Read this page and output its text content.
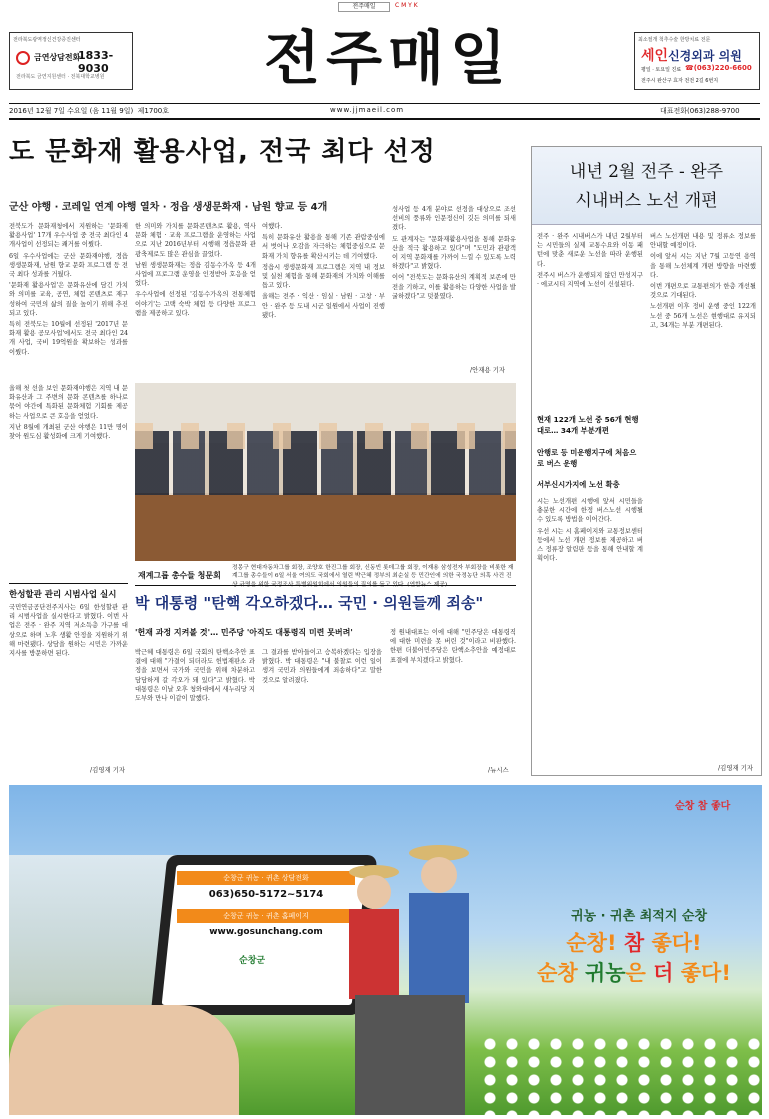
전주매일	C M Y K
전라북도광역정신건강증진센터
금연상담전화
1833-9030
전라북도 금연지원센터 · 전북대학교병원	전주매일	최소절개 척추수술 한방치료 전문
세인신경외과 의원
평일 · 토요일 진료 ☎(063)220-6600
전주시 완산구 효자 전전 2길 6번지
2016년 12월 7일 수요일 (음 11월 9일) 제1700호	www.jjmaeil.com	대표전화(063)288-9700
도 문화재 활용사업, 전국 최다 선정
군산 야행 · 코레일 연계 야행 열차 · 정읍 생생문화재 · 남원 향교 등 4개

전북도가 문화재청에서 지원하는 '문화재 활용사업' 17개 우수사업 중 전국 최다인 4개사업이 선정되는 쾌거를 이뤘다.

6일 우수사업에는 군산 문화재야행, 정읍 생생문화재, 남원 향교 문화 프로그램 등 전국 최다 성과를 거뒀다.

'문화재 활용사업'은 문화유산에 담긴 가치와 의미를 교육, 공연, 체험 콘텐츠로 재구성하여 국민의 삶의 질을 높이기 위해 추진되고 있다.

특히 전북도는 10월에 선정된 '2017년 문화재 활용 공모사업'에서도 전국 최다인 24개 사업, 국비 19억원을 확보하는 성과를 이뤘다.

한 의미와 가치를 문화콘텐츠로 활용, 역사문화 체험 · 교육 프로그램을 운영하는 사업으로 지난 2016년부터 시행해 정읍문화 관광축제로도 많은 관심을 끌었다.

남원 생생문화재는 정읍 김동수가옥 등 4개사업에 프로그램 운영을 인정받아 호응을 얻었다.

우수사업에 선정된 '김동수가옥의 전통체험이야기'는 고택 숙박 체험 등 다양한 프로그램을 제공하고 있다.

여했다.

특히 문화유산 활용을 통해 기존 관람중심에서 벗어나 오감을 자극하는 체험중심으로 문화재 가치 향유를 확산시키는 데 기여했다.

정읍시 생생문화재 프로그램은 지역 내 정보 및 실천 체험을 통해 문화재의 가치와 이해를 돕고 있다.

올해는 전주 · 익산 · 임실 · 남원 · 고창 · 부안 · 완주 등 도내 시군 일원에서 사업이 진행됐다.

성사업 등 4개 분야로 선정을 대상으로 조선선비의 풍류와 인문정신이 깃든 의미를 되새겼다.

도 관계자는 "문화재활용사업을 통해 문화유산을 적극 활용하고 있다"며 "도민과 관광객이 지역 문화재를 가까이 느낄 수 있도록 노력하겠다"고 밝혔다.

이어 "전북도는 문화유산의 계획적 보존에 만전을 기하고, 이를 활용하는 다양한 사업을 발굴하겠다"고 덧붙였다.

/안재용 기자

올해 첫 선을 보인 문화재야행은 지역 내 문화유산과 그 주변의 문화 콘텐츠를 하나로 묶어 야간에 특화된 문화체험 기회를 제공하는 사업으로 큰 호응을 얻었다.

지난 8월에 개최된 군산 야행은 11만 명이 찾아 원도심 활성화에 크게 기여했다.

재계그룹 총수들 청문회
정몽구 현대자동차그룹 회장, 조양호 한진그룹 회장, 신동빈 롯데그룹 회장, 이재용 삼성전자 부회장을 비롯한 재계그룹 총수들이 6일 서울 여의도 국회에서 열린 박근혜 정부의 최순실 등 민간인에 의한 국정농단 의혹 사건 진
내년 2월 전주 - 완주
시내버스 노선 개편

전주 · 완주 시내버스가 내년 2월부터는 시민들의 실제 교통수요와 이동 패턴에 맞춘 새로운 노선을 따라 운행된다.

전주시 버스가 운행되지 않던 만성지구 · 에코시티 지역에 노선이 신설된다.

현재 122개 노선 중 56개 현행대로… 34개 부분개편
안행로 등 미운행지구에 처음으로 버스 운행
서부신시가지에 노선 확충

시는 노선개편 시행에 앞서 시민들을 충분한 시간에 한정 버스노선 시행될 수 있도록 방법을 이어간다.

우선 시는 시 홈페이지와 교통정보센터 등에서 노선 개편 정보를 제공하고 버스 정류장 알림판 등을 통해 안내할 계획이다.

버스 노선개편 내용 및 정류소 정보를 안내할 예정이다.

이에 앞서 시는 지난 7월 고등연 용역을 통해 노선체계 개편 방향을 마련했다.

이번 개편으로 교통편의가 한층 개선될 것으로 기대된다.

노선개편 이후 정비 운행 중인 122개 노선 중 56개 노선은 현행대로 유지되고, 34개는 부분 개편된다.

/김영재 기자
한성할관 관리 시범사업 실시

국민연금공단전주지사는 6일 한성할관 관리 시범사업을 실시한다고 밝혔다. 이번 사업은 전주 · 완주 지역 저소득층 가구를 대상으로 하며 노후 생활 안정을 지원하기 위해 마련됐다. 상담을 원하는 시민은 가까운 지사를 방문하면 된다.

/김영재 기자
박 대통령 "탄핵 각오하겠다… 국민 · 의원들께 죄송"
'헌재 과정 지켜볼 것'… 민주당 '아직도 대통령직 미련 못버려'

박근혜 대통령은 6일 국회의 탄핵소추안 표결에 대해 "가결이 되더라도 헌법재판소 과정을 보면서 국가와 국민을 위해 차분하고 담담하게 갈 각오가 돼 있다"고 밝혔다. 박 대통령은 이날 오후 청와대에서 새누리당 지도부와 만나 이같이 말했다.

그 결과를 받아들이고 승복하겠다는 입장을 밝혔다. 박 대통령은 "내 불찰로 이런 일이 생겨 국민과 의원들에게 죄송하다"고 말한 것으로 알려졌다.

정 원내대표는 이에 대해 "민주당은 대통령직에 대한 미련을 못 버린 것"이라고 비판했다. 한편 더불어민주당은 탄핵소추안을 예정대로 표결에 부치겠다고 밝혔다.

/뉴시스
순창군 귀농 · 귀촌 상담전화
063)650-5172~5174
순창군 귀농 · 귀촌 홈페이지
www.gosunchang.com
순창군
순창 참 좋다
귀농 · 귀촌 최적지 순창
순창! 참 좋다!
순창 귀농은 더 좋다!
